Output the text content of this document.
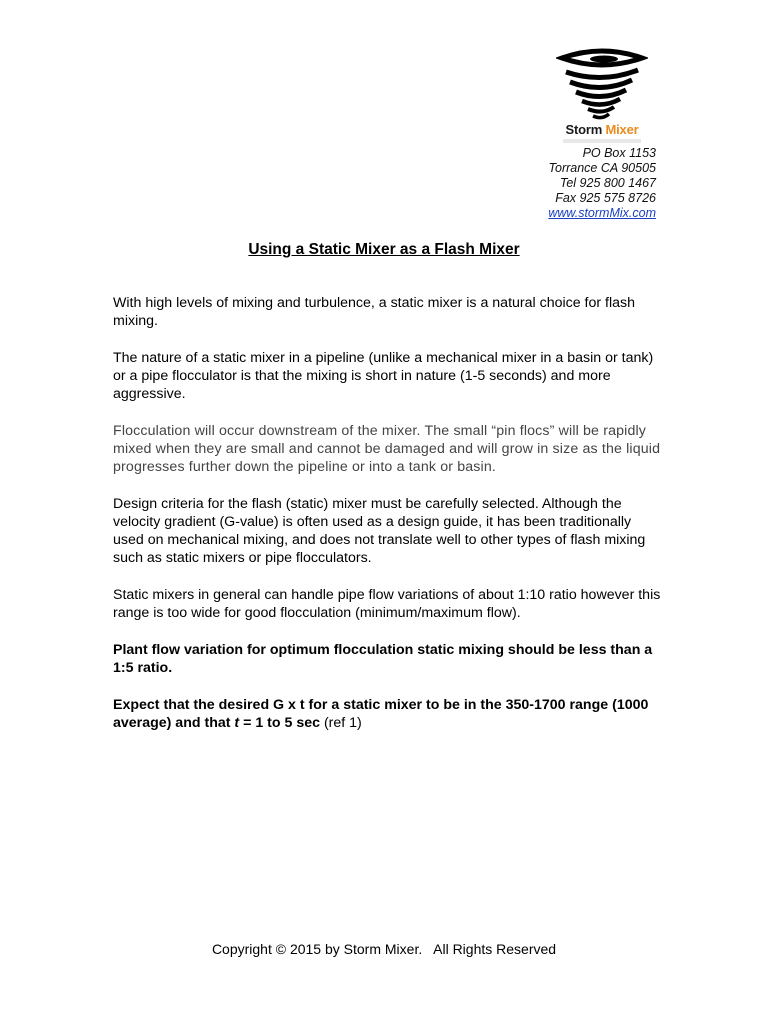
Storm Mixer
PO Box 1153
Torrance CA 90505
Tel 925 800 1467
Fax 925 575 8726
www.stormMix.com
Using a Static Mixer as a Flash Mixer

With high levels of mixing and turbulence, a static mixer is a natural choice for flash mixing.

The nature of a static mixer in a pipeline (unlike a mechanical mixer in a basin or tank) or a pipe flocculator is that the mixing is short in nature (1-5 seconds) and more aggressive.

Flocculation will occur downstream of the mixer. The small “pin flocs” will be rapidly mixed when they are small and cannot be damaged and will grow in size as the liquid progresses further down the pipeline or into a tank or basin.

Design criteria for the flash (static) mixer must be carefully selected. Although the velocity gradient (G-value) is often used as a design guide, it has been traditionally used on mechanical mixing, and does not translate well to other types of flash mixing such as static mixers or pipe flocculators.

Static mixers in general can handle pipe flow variations of about 1:10 ratio however this range is too wide for good flocculation (minimum/maximum flow).

Plant flow variation for optimum flocculation static mixing should be less than a 1:5 ratio.

Expect that the desired G x t for a static mixer to be in the 350-1700 range (1000 average) and that t = 1 to 5 sec (ref 1)

Copyright © 2015 by Storm Mixer.   All Rights Reserved
